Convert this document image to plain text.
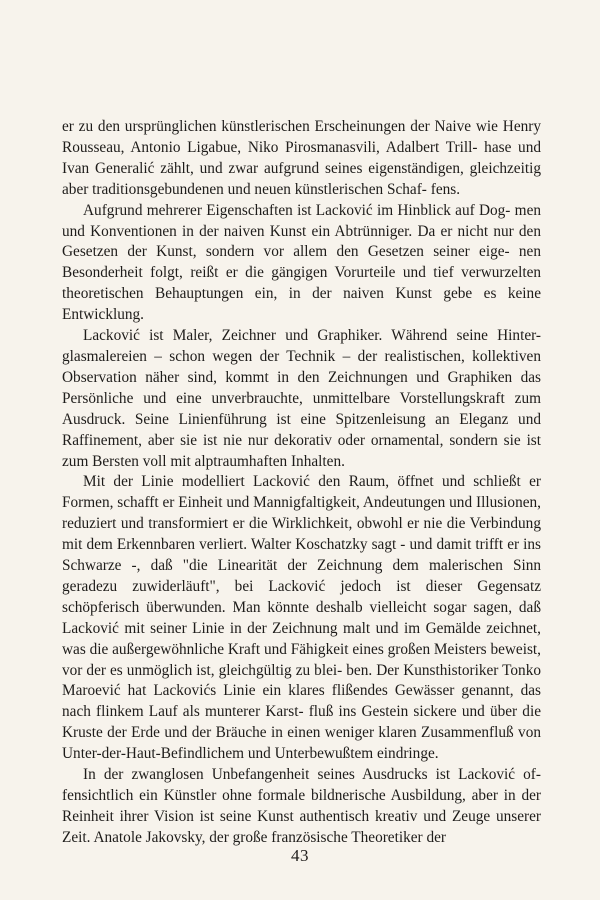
er zu den ursprünglichen künstlerischen Erscheinungen der Naive wie Henry Rousseau, Antonio Ligabue, Niko Pirosmanasvili, Adalbert Trill- hase und Ivan Generalić zählt, und zwar aufgrund seines eigenständigen, gleichzeitig aber traditionsgebundenen und neuen künstlerischen Schaf- fens.

Aufgrund mehrerer Eigenschaften ist Lacković im Hinblick auf Dog- men und Konventionen in der naiven Kunst ein Abtrünniger. Da er nicht nur den Gesetzen der Kunst, sondern vor allem den Gesetzen seiner eige- nen Besonderheit folgt, reißt er die gängigen Vorurteile und tief verwurzelten theoretischen Behauptungen ein, in der naiven Kunst gebe es keine Entwicklung.

Lacković ist Maler, Zeichner und Graphiker. Während seine Hinter- glasmalereien – schon wegen der Technik – der realistischen, kollektiven Observation näher sind, kommt in den Zeichnungen und Graphiken das Persönliche und eine unverbrauchte, unmittelbare Vorstellungskraft zum Ausdruck. Seine Linienführung ist eine Spitzenleisung an Eleganz und Raffinement, aber sie ist nie nur dekorativ oder ornamental, sondern sie ist zum Bersten voll mit alptraumhaften Inhalten.

Mit der Linie modelliert Lacković den Raum, öffnet und schließt er Formen, schafft er Einheit und Mannigfaltigkeit, Andeutungen und Illusionen, reduziert und transformiert er die Wirklichkeit, obwohl er nie die Verbindung mit dem Erkennbaren verliert. Walter Koschatzky sagt - und damit trifft er ins Schwarze -, daß "die Linearität der Zeichnung dem malerischen Sinn geradezu zuwiderläuft", bei Lacković jedoch ist dieser Gegensatz schöpferisch überwunden. Man könnte deshalb vielleicht sogar sagen, daß Lacković mit seiner Linie in der Zeichnung malt und im Gemälde zeichnet, was die außergewöhnliche Kraft und Fähigkeit eines großen Meisters beweist, vor der es unmöglich ist, gleichgültig zu blei- ben. Der Kunsthistoriker Tonko Maroević hat Lackovićs Linie ein klares flißendes Gewässer genannt, das nach flinkem Lauf als munterer Karst- fluß ins Gestein sickere und über die Kruste der Erde und der Bräuche in einen weniger klaren Zusammenfluß von Unter-der-Haut-Befindlichem und Unterbewußtem eindringe.

In der zwanglosen Unbefangenheit seines Ausdrucks ist Lacković of- fensichtlich ein Künstler ohne formale bildnerische Ausbildung, aber in der Reinheit ihrer Vision ist seine Kunst authentisch kreativ und Zeuge unserer Zeit. Anatole Jakovsky, der große französische Theoretiker der

43
